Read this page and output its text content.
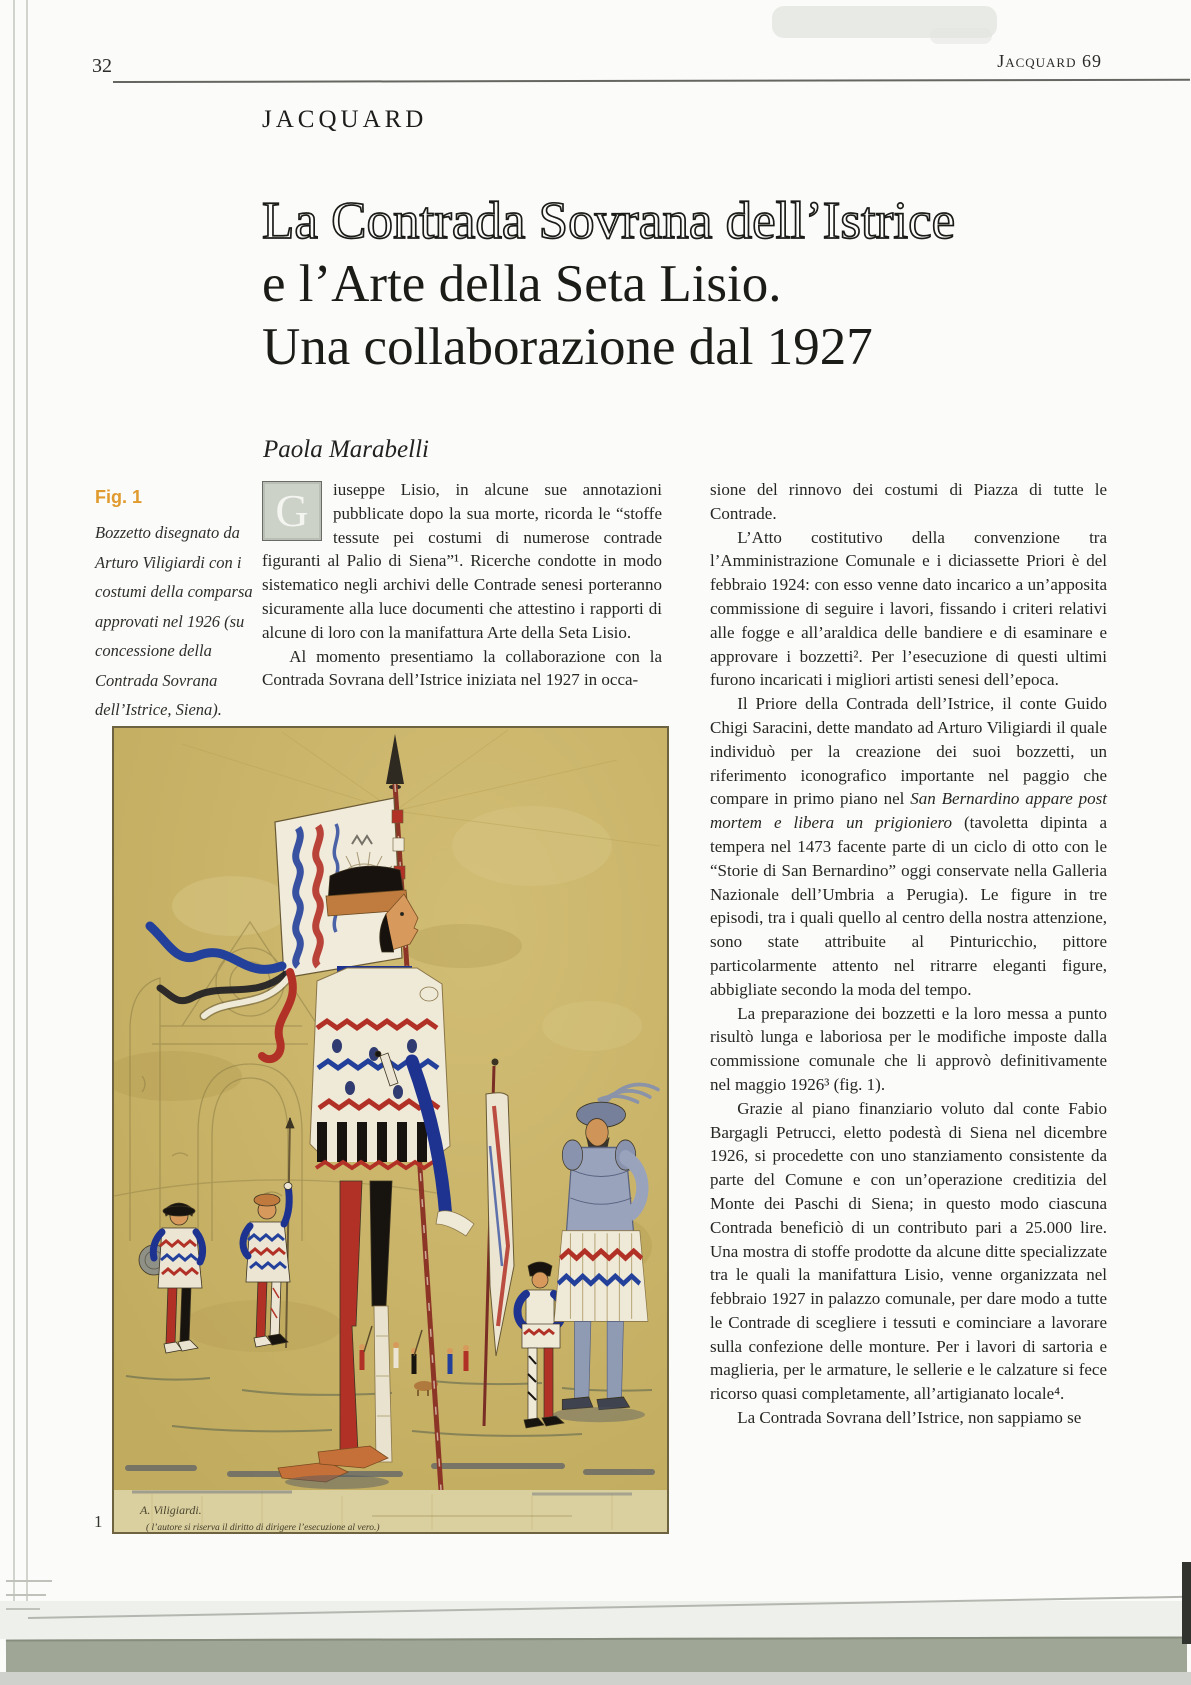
32	Jacquard 69
JACQUARD
La Contrada Sovrana dell’Istrice
e l’Arte della Seta Lisio.
Una collaborazione dal 1927
Paola Marabelli
Fig. 1
Bozzetto disegnato da Arturo Viligiardi con i costumi della comparsa approvati nel 1926 (su concessione della Contrada Sovrana dell’Istrice, Siena).

G	iuseppe Lisio, in alcune sue annotazioni pubblicate dopo la sua morte, ricorda le “stoffe tessute pei costumi di numerose contrade figuranti al Palio di Siena”¹. Ricerche condotte in modo sistematico negli archivi delle Contrade senesi porteranno sicuramente alla luce documenti che attestino i rapporti di alcune di loro con la manifattura Arte della Seta Lisio.

Al momento presentiamo la collaborazione con la Contrada Sovrana dell’Istrice iniziata nel 1927 in occa-

sione del rinnovo dei costumi di Piazza di tutte le Contrade.

L’Atto costitutivo della convenzione tra l’Amministrazione Comunale e i diciassette Priori è del febbraio 1924: con esso venne dato incarico a un’apposita commissione di seguire i lavori, fissando i criteri relativi alle fogge e all’araldica delle bandiere e di esaminare e approvare i bozzetti². Per l’esecuzione di questi ultimi furono incaricati i migliori artisti senesi dell’epoca.

Il Priore della Contrada dell’Istrice, il conte Guido Chigi Saracini, dette mandato ad Arturo Viligiardi il quale individuò per la creazione dei suoi bozzetti, un riferimento iconografico importante nel paggio che compare in primo piano nel San Bernardino appare post mortem e libera un prigioniero (tavoletta dipinta a tempera nel 1473 facente parte di un ciclo di otto con le “Storie di San Bernardino” oggi conservate nella Galleria Nazionale dell’Umbria a Perugia). Le figure in tre episodi, tra i quali quello al centro della nostra attenzione, sono state attribuite al Pinturicchio, pittore particolarmente attento nel ritrarre eleganti figure, abbigliate secondo la moda del tempo.

La preparazione dei bozzetti e la loro messa a punto risultò lunga e laboriosa per le modifiche imposte dalla commissione comunale che li approvò definitivamente nel maggio 1926³ (fig. 1).

Grazie al piano finanziario voluto dal conte Fabio Bargagli Petrucci, eletto podestà di Siena nel dicembre 1926, si procedette con uno stanziamento consistente da parte del Comune e con un’operazione creditizia del Monte dei Paschi di Siena; in questo modo ciascuna Contrada beneficiò di un contributo pari a 25.000 lire. Una mostra di stoffe prodotte da alcune ditte specializzate tra le quali la manifattura Lisio, venne organizzata nel febbraio 1927 in palazzo comunale, per dare modo a tutte le Contrade di scegliere i tessuti e cominciare a lavorare sulla confezione delle monture. Per i lavori di sartoria e maglieria, per le armature, le sellerie e le calzature si fece ricorso quasi completamente, all’artigianato locale⁴.

La Contrada Sovrana dell’Istrice, non sappiamo se

1
A. Viligiardi.
( l’autore si riserva il diritto di dirigere l’esecuzione al vero.)
